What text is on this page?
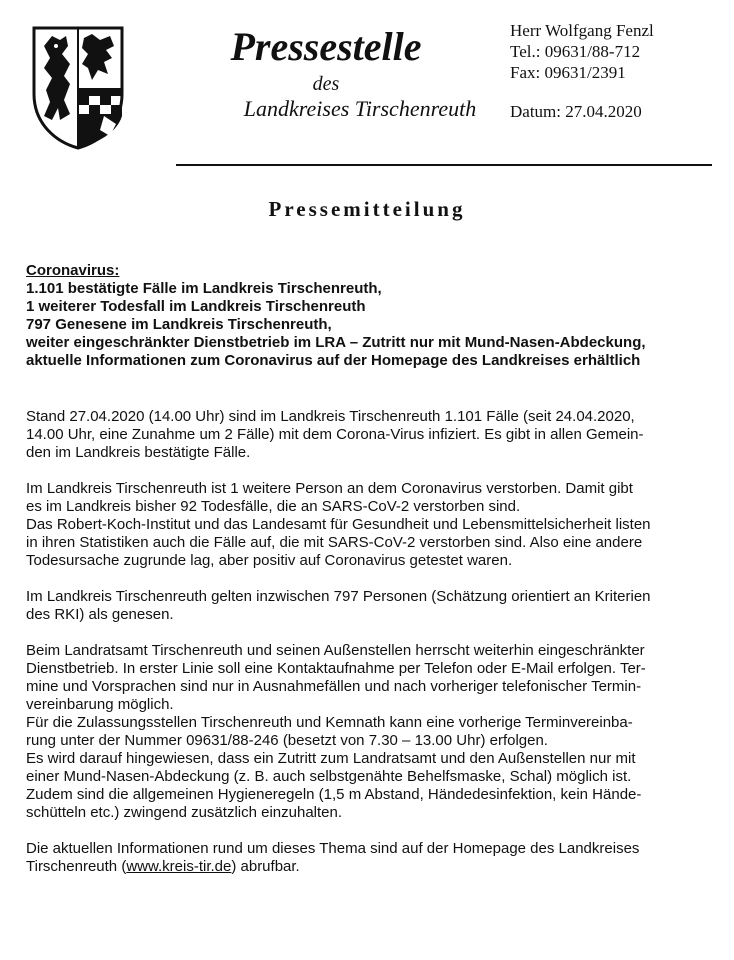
Pressestelle
des
Landkreises Tirschenreuth
Herr Wolfgang Fenzl
Tel.: 09631/88-712
Fax: 09631/2391
Datum: 27.04.2020
Pressemitteilung
Coronavirus:
1.101 bestätigte Fälle im Landkreis Tirschenreuth,
1 weiterer Todesfall im Landkreis Tirschenreuth
797 Genesene im Landkreis Tirschenreuth,
weiter eingeschränkter Dienstbetrieb im LRA – Zutritt nur mit Mund-Nasen-Abdeckung,
aktuelle Informationen zum Coronavirus auf der Homepage des Landkreises erhältlich
Stand 27.04.2020 (14.00 Uhr) sind im Landkreis Tirschenreuth 1.101 Fälle (seit 24.04.2020,
14.00 Uhr, eine Zunahme um 2 Fälle) mit dem Corona-Virus infiziert. Es gibt in allen Gemein-
den im Landkreis bestätigte Fälle.
Im Landkreis Tirschenreuth ist 1 weitere Person an dem Coronavirus verstorben. Damit gibt
es im Landkreis bisher 92 Todesfälle, die an SARS-CoV-2 verstorben sind.
Das Robert-Koch-Institut und das Landesamt für Gesundheit und Lebensmittelsicherheit listen
in ihren Statistiken auch die Fälle auf, die mit SARS-CoV-2 verstorben sind. Also eine andere
Todesursache zugrunde lag, aber positiv auf Coronavirus getestet waren.
Im Landkreis Tirschenreuth gelten inzwischen 797 Personen (Schätzung orientiert an Kriterien
des RKI) als genesen.
Beim Landratsamt Tirschenreuth und seinen Außenstellen herrscht weiterhin eingeschränkter
Dienstbetrieb. In erster Linie soll eine Kontaktaufnahme per Telefon oder E-Mail erfolgen. Ter-
mine und Vorsprachen sind nur in Ausnahmefällen und nach vorheriger telefonischer Termin-
vereinbarung möglich.
Für die Zulassungsstellen Tirschenreuth und Kemnath kann eine vorherige Terminvereinba-
rung unter der Nummer 09631/88-246 (besetzt von 7.30 – 13.00 Uhr) erfolgen.
Es wird darauf hingewiesen, dass ein Zutritt zum Landratsamt und den Außenstellen nur mit
einer Mund-Nasen-Abdeckung (z. B. auch selbstgenähte Behelfsmaske, Schal) möglich ist.
Zudem sind die allgemeinen Hygieneregeln (1,5 m Abstand, Händedesinfektion, kein Hände-
schütteln etc.) zwingend zusätzlich einzuhalten.
Die aktuellen Informationen rund um dieses Thema sind auf der Homepage des Landkreises
Tirschenreuth (www.kreis-tir.de) abrufbar.
